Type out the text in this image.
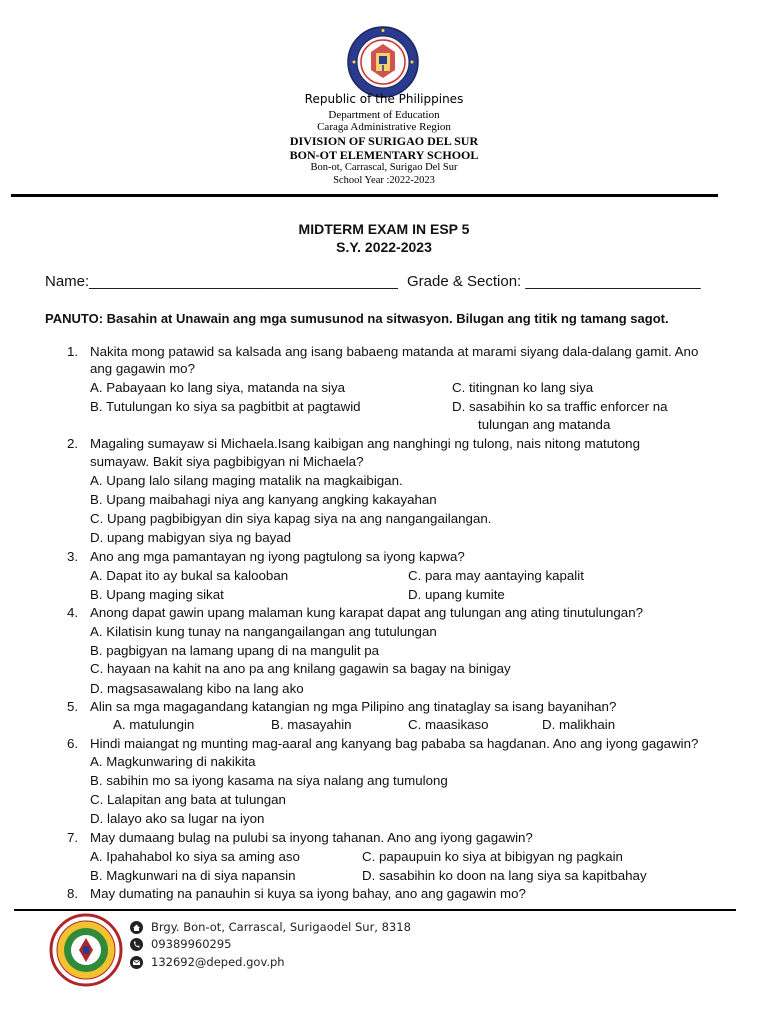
Republic of the Philippines
Department of Education
Caraga Administrative Region
DIVISION OF SURIGAO DEL SUR
BON-OT ELEMENTARY SCHOOL
Bon-ot, Carrascal, Surigao Del Sur
School Year :2022-2023
MIDTERM EXAM IN ESP 5
S.Y. 2022-2023
Name:_____________________________________ Grade & Section: _____________________
PANUTO: Basahin at Unawain ang mga sumusunod na sitwasyon. Bilugan ang titik ng tamang sagot.
1. Nakita mong patawid sa kalsada ang isang babaeng matanda at marami siyang dala-dalang gamit. Ano
ang gagawin mo?
A. Pabayaan ko lang siya, matanda na siya	C. titingnan ko lang siya
B. Tutulungan ko siya sa pagbitbit at pagtawid	D. sasabihin ko sa traffic enforcer na
tulungan ang matanda
2. Magaling sumayaw si Michaela.Isang kaibigan ang nanghingi ng tulong, nais nitong matutong
sumayaw. Bakit siya pagbibigyan ni Michaela?
A. Upang lalo silang maging matalik na magkaibigan.
B. Upang maibahagi niya ang kanyang angking kakayahan
C. Upang pagbibigyan din siya kapag siya na ang nangangailangan.
D. upang mabigyan siya ng bayad
3. Ano ang mga pamantayan ng iyong pagtulong sa iyong kapwa?
A. Dapat ito ay bukal sa kalooban	C. para may aantaying kapalit
B. Upang maging sikat	D. upang kumite
4. Anong dapat gawin upang malaman kung karapat dapat ang tulungan ang ating tinutulungan?
A. Kilatisin kung tunay na nangangailangan ang tutulungan
B. pagbigyan na lamang upang di na mangulit pa
C. hayaan na kahit na ano pa ang knilang gagawin sa bagay na binigay
D. magsasawalang kibo na lang ako
5. Alin sa mga magagandang katangian ng mga Pilipino ang tinataglay sa isang bayanihan?
A. matulungin	B. masayahin	C. maasikaso	D. malikhain
6. Hindi maiangat ng munting mag-aaral ang kanyang bag pababa sa hagdanan. Ano ang iyong gagawin?
A. Magkunwaring di nakikita
B. sabihin mo sa iyong kasama na siya nalang ang tumulong
C. Lalapitan ang bata at tulungan
D. lalayo ako sa lugar na iyon
7. May dumaang bulag na pulubi sa inyong tahanan. Ano ang iyong gagawin?
A. Ipahahabol ko siya sa aming aso	C. papaupuin ko siya at bibigyan ng pagkain
B. Magkunwari na di siya napansin	D. sasabihin ko doon na lang siya sa kapitbahay
8. May dumating na panauhin si kuya sa iyong bahay, ano ang gagawin mo?
Brgy. Bon-ot, Carrascal, Surigaodel Sur, 8318
09389960295
132692@deped.gov.ph
